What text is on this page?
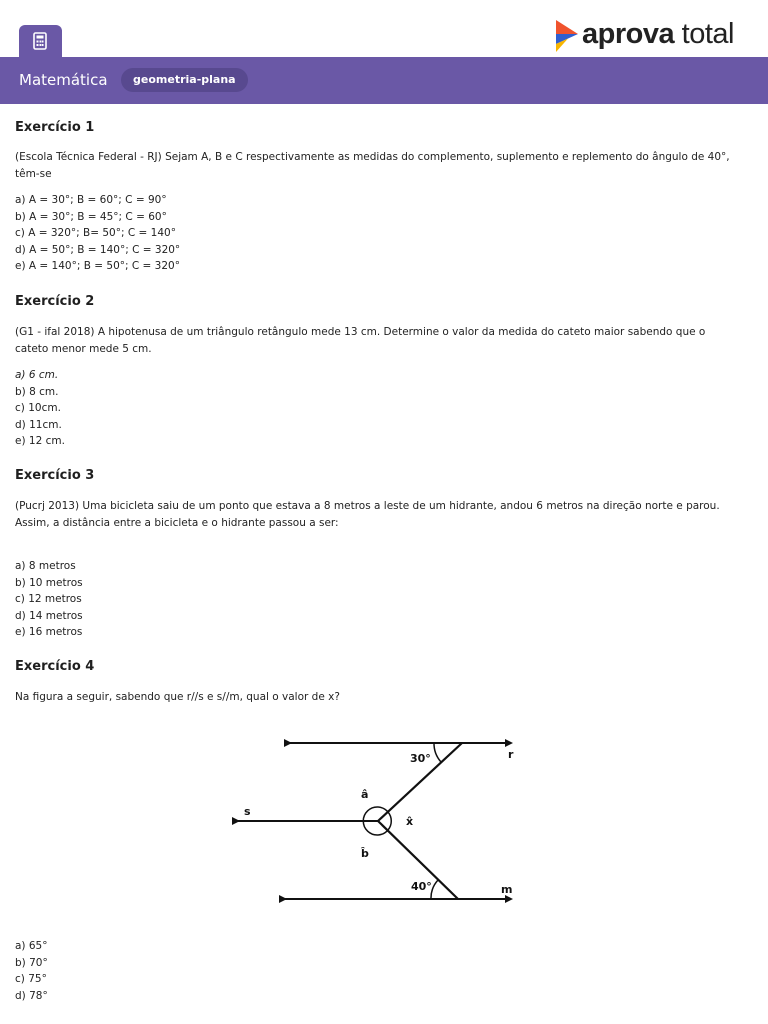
aprova total
Matemática	geometria-plana
Exercício 1
(Escola Técnica Federal - RJ) Sejam A, B e C respectivamente as medidas do complemento, suplemento e replemento do ângulo de 40°, têm-se
a) A = 30°; B = 60°; C = 90°
b) A = 30°; B = 45°; C = 60°
c) A = 320°; B= 50°; C = 140°
d) A = 50°; B = 140°; C = 320°
e) A = 140°; B = 50°; C = 320°
Exercício 2
(G1 - ifal 2018) A hipotenusa de um triângulo retângulo mede 13 cm. Determine o valor da medida do cateto maior sabendo que o cateto menor mede 5 cm.
a) 6 cm.
b) 8 cm.
c) 10cm.
d) 11cm.
e) 12 cm.
Exercício 3
(Pucrj 2013) Uma bicicleta saiu de um ponto que estava a 8 metros a leste de um hidrante, andou 6 metros na direção norte e parou. Assim, a distância entre a bicicleta e o hidrante passou a ser:
a) 8 metros
b) 10 metros
c) 12 metros
d) 14 metros
e) 16 metros
Exercício 4
Na figura a seguir, sabendo que r//s e s//m, qual o valor de x?
30°
40°
r
s
m
â
b̂
x̂
a) 65°
b) 70°
c) 75°
d) 78°
